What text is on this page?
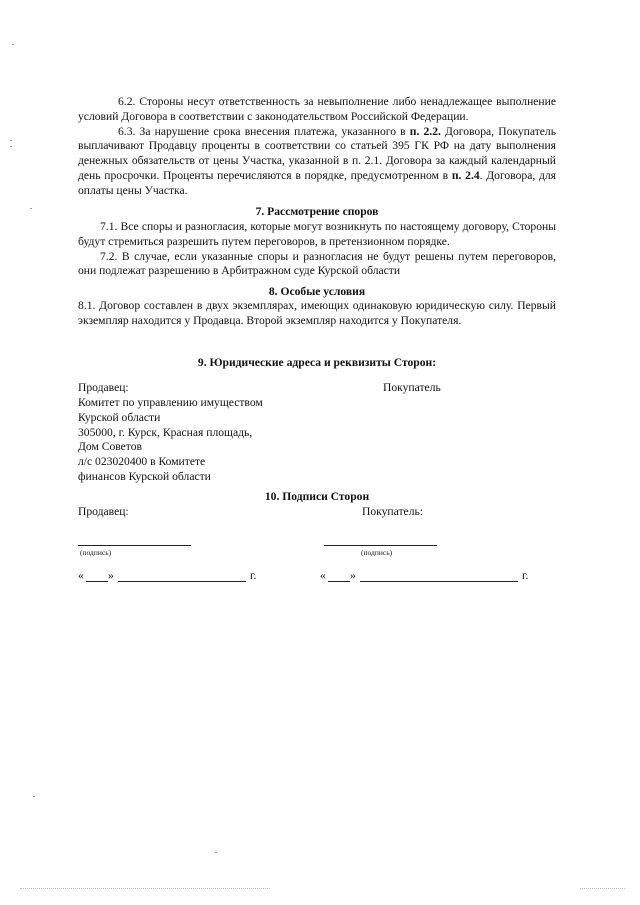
6.2. Стороны несут ответственность за невыполнение либо ненадлежащее выполнение условий Договора в соответствии с законодательством Российской Федерации.

6.3. За нарушение срока внесения платежа, указанного в п. 2.2. Договора, Покупатель выплачивают Продавцу проценты в соответствии со статьей 395 ГК РФ на дату выполнения денежных обязательств от цены Участка, указанной в п. 2.1. Договора за каждый календарный день просрочки. Проценты перечисляются в порядке, предусмотренном в п. 2.4. Договора, для оплаты цены Участка.

7. Рассмотрение споров

7.1. Все споры и разногласия, которые могут возникнуть по настоящему договору, Стороны будут стремиться разрешить путем переговоров, в претензионном порядке.

7.2. В случае, если указанные споры и разногласия не будут решены путем переговоров, они подлежат разрешению в Арбитражном суде Курской области

8. Особые условия

8.1. Договор составлен в двух экземплярах, имеющих одинаковую юридическую силу. Первый экземпляр находится у Продавца. Второй экземпляр находится у Покупателя.

9. Юридические адреса и реквизиты Сторон:

Продавец:	Покупатель

Комитет по управлению имуществом

Курской области

305000, г. Курск, Красная площадь,

Дом Советов

л/с 023020400 в Комитете

финансов Курской области

10. Подписи Сторон

Продавец:	Покупатель:

(подпись)	(подпись)
« »	г.	« »	г.
